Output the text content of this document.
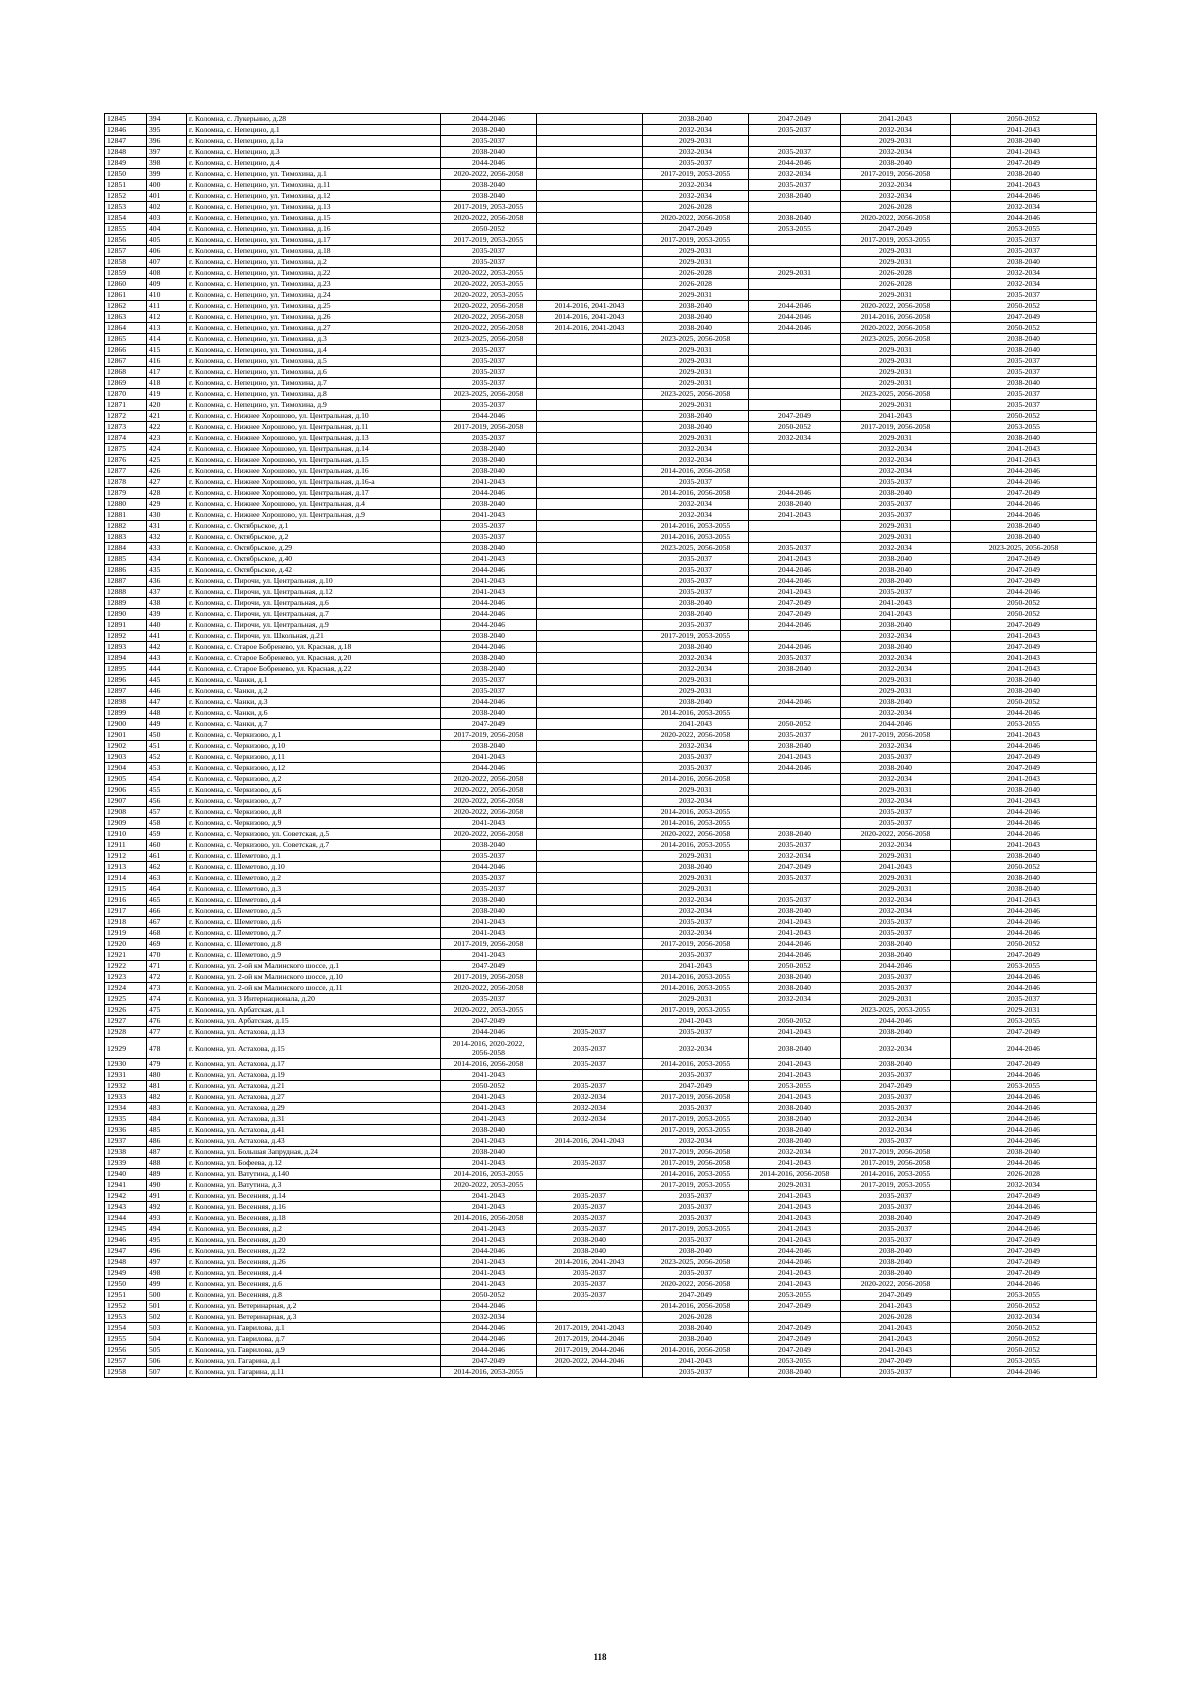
12845	394	г. Коломна, с. Лукерьино, д.28	2044-2046		2038-2040	2047-2049	2041-2043	2050-2052
12846	395	г. Коломна, с. Непецино, д.1	2038-2040		2032-2034	2035-2037	2032-2034	2041-2043
12847	396	г. Коломна, с. Непецино, д.1а	2035-2037		2029-2031		2029-2031	2038-2040
12848	397	г. Коломна, с. Непецино, д.3	2038-2040		2032-2034	2035-2037	2032-2034	2041-2043
12849	398	г. Коломна, с. Непецино, д.4	2044-2046		2035-2037	2044-2046	2038-2040	2047-2049
12850	399	г. Коломна, с. Непецино, ул. Тимохина, д.1	2020-2022, 2056-2058		2017-2019, 2053-2055	2032-2034	2017-2019, 2056-2058	2038-2040
12851	400	г. Коломна, с. Непецино, ул. Тимохина, д.11	2038-2040		2032-2034	2035-2037	2032-2034	2041-2043
12852	401	г. Коломна, с. Непецино, ул. Тимохина, д.12	2038-2040		2032-2034	2038-2040	2032-2034	2044-2046
12853	402	г. Коломна, с. Непецино, ул. Тимохина, д.13	2017-2019, 2053-2055		2026-2028		2026-2028	2032-2034
12854	403	г. Коломна, с. Непецино, ул. Тимохина, д.15	2020-2022, 2056-2058		2020-2022, 2056-2058	2038-2040	2020-2022, 2056-2058	2044-2046
12855	404	г. Коломна, с. Непецино, ул. Тимохина, д.16	2050-2052		2047-2049	2053-2055	2047-2049	2053-2055
12856	405	г. Коломна, с. Непецино, ул. Тимохина, д.17	2017-2019, 2053-2055		2017-2019, 2053-2055		2017-2019, 2053-2055	2035-2037
12857	406	г. Коломна, с. Непецино, ул. Тимохина, д.18	2035-2037		2029-2031		2029-2031	2035-2037
12858	407	г. Коломна, с. Непецино, ул. Тимохина, д.2	2035-2037		2029-2031		2029-2031	2038-2040
12859	408	г. Коломна, с. Непецино, ул. Тимохина, д.22	2020-2022, 2053-2055		2026-2028	2029-2031	2026-2028	2032-2034
12860	409	г. Коломна, с. Непецино, ул. Тимохина, д.23	2020-2022, 2053-2055		2026-2028		2026-2028	2032-2034
12861	410	г. Коломна, с. Непецино, ул. Тимохина, д.24	2020-2022, 2053-2055		2029-2031		2029-2031	2035-2037
12862	411	г. Коломна, с. Непецино, ул. Тимохина, д.25	2020-2022, 2056-2058	2014-2016, 2041-2043	2038-2040	2044-2046	2020-2022, 2056-2058	2050-2052
12863	412	г. Коломна, с. Непецино, ул. Тимохина, д.26	2020-2022, 2056-2058	2014-2016, 2041-2043	2038-2040	2044-2046	2014-2016, 2056-2058	2047-2049
12864	413	г. Коломна, с. Непецино, ул. Тимохина, д.27	2020-2022, 2056-2058	2014-2016, 2041-2043	2038-2040	2044-2046	2020-2022, 2056-2058	2050-2052
12865	414	г. Коломна, с. Непецино, ул. Тимохина, д.3	2023-2025, 2056-2058		2023-2025, 2056-2058		2023-2025, 2056-2058	2038-2040
12866	415	г. Коломна, с. Непецино, ул. Тимохина, д.4	2035-2037		2029-2031		2029-2031	2038-2040
12867	416	г. Коломна, с. Непецино, ул. Тимохина, д.5	2035-2037		2029-2031		2029-2031	2035-2037
12868	417	г. Коломна, с. Непецино, ул. Тимохина, д.6	2035-2037		2029-2031		2029-2031	2035-2037
12869	418	г. Коломна, с. Непецино, ул. Тимохина, д.7	2035-2037		2029-2031		2029-2031	2038-2040
12870	419	г. Коломна, с. Непецино, ул. Тимохина, д.8	2023-2025, 2056-2058		2023-2025, 2056-2058		2023-2025, 2056-2058	2035-2037
12871	420	г. Коломна, с. Непецино, ул. Тимохина, д.9	2035-2037		2029-2031		2029-2031	2035-2037
12872	421	г. Коломна, с. Нижнее Хорошово, ул. Центральная, д.10	2044-2046		2038-2040	2047-2049	2041-2043	2050-2052
12873	422	г. Коломна, с. Нижнее Хорошово, ул. Центральная, д.11	2017-2019, 2056-2058		2038-2040	2050-2052	2017-2019, 2056-2058	2053-2055
12874	423	г. Коломна, с. Нижнее Хорошово, ул. Центральная, д.13	2035-2037		2029-2031	2032-2034	2029-2031	2038-2040
12875	424	г. Коломна, с. Нижнее Хорошово, ул. Центральная, д.14	2038-2040		2032-2034		2032-2034	2041-2043
12876	425	г. Коломна, с. Нижнее Хорошово, ул. Центральная, д.15	2038-2040		2032-2034		2032-2034	2041-2043
12877	426	г. Коломна, с. Нижнее Хорошово, ул. Центральная, д.16	2038-2040		2014-2016, 2056-2058		2032-2034	2044-2046
12878	427	г. Коломна, с. Нижнее Хорошово, ул. Центральная, д.16-а	2041-2043		2035-2037		2035-2037	2044-2046
12879	428	г. Коломна, с. Нижнее Хорошово, ул. Центральная, д.17	2044-2046		2014-2016, 2056-2058	2044-2046	2038-2040	2047-2049
12880	429	г. Коломна, с. Нижнее Хорошово, ул. Центральная, д.4	2038-2040		2032-2034	2038-2040	2035-2037	2044-2046
12881	430	г. Коломна, с. Нижнее Хорошово, ул. Центральная, д.9	2041-2043		2032-2034	2041-2043	2035-2037	2044-2046
12882	431	г. Коломна, с. Октябрьское, д.1	2035-2037		2014-2016, 2053-2055		2029-2031	2038-2040
12883	432	г. Коломна, с. Октябрьское, д.2	2035-2037		2014-2016, 2053-2055		2029-2031	2038-2040
12884	433	г. Коломна, с. Октябрьское, д.29	2038-2040		2023-2025, 2056-2058	2035-2037	2032-2034	2023-2025, 2056-2058
12885	434	г. Коломна, с. Октябрьское, д.40	2041-2043		2035-2037	2041-2043	2038-2040	2047-2049
12886	435	г. Коломна, с. Октябрьское, д.42	2044-2046		2035-2037	2044-2046	2038-2040	2047-2049
12887	436	г. Коломна, с. Пирочи, ул. Центральная, д.10	2041-2043		2035-2037	2044-2046	2038-2040	2047-2049
12888	437	г. Коломна, с. Пирочи, ул. Центральная, д.12	2041-2043		2035-2037	2041-2043	2035-2037	2044-2046
12889	438	г. Коломна, с. Пирочи, ул. Центральная, д.6	2044-2046		2038-2040	2047-2049	2041-2043	2050-2052
12890	439	г. Коломна, с. Пирочи, ул. Центральная, д.7	2044-2046		2038-2040	2047-2049	2041-2043	2050-2052
12891	440	г. Коломна, с. Пирочи, ул. Центральная, д.9	2044-2046		2035-2037	2044-2046	2038-2040	2047-2049
12892	441	г. Коломна, с. Пирочи, ул. Школьная, д.21	2038-2040		2017-2019, 2053-2055		2032-2034	2041-2043
12893	442	г. Коломна, с. Старое Бобренево, ул. Красная, д.18	2044-2046		2038-2040	2044-2046	2038-2040	2047-2049
12894	443	г. Коломна, с. Старое Бобренево, ул. Красная, д.20	2038-2040		2032-2034	2035-2037	2032-2034	2041-2043
12895	444	г. Коломна, с. Старое Бобренево, ул. Красная, д.22	2038-2040		2032-2034	2038-2040	2032-2034	2041-2043
12896	445	г. Коломна, с. Чанки, д.1	2035-2037		2029-2031		2029-2031	2038-2040
12897	446	г. Коломна, с. Чанки, д.2	2035-2037		2029-2031		2029-2031	2038-2040
12898	447	г. Коломна, с. Чанки, д.3	2044-2046		2038-2040	2044-2046	2038-2040	2050-2052
12899	448	г. Коломна, с. Чанки, д.6	2038-2040		2014-2016, 2053-2055		2032-2034	2044-2046
12900	449	г. Коломна, с. Чанки, д.7	2047-2049		2041-2043	2050-2052	2044-2046	2053-2055
12901	450	г. Коломна, с. Черкизово, д.1	2017-2019, 2056-2058		2020-2022, 2056-2058	2035-2037	2017-2019, 2056-2058	2041-2043
12902	451	г. Коломна, с. Черкизово, д.10	2038-2040		2032-2034	2038-2040	2032-2034	2044-2046
12903	452	г. Коломна, с. Черкизово, д.11	2041-2043		2035-2037	2041-2043	2035-2037	2047-2049
12904	453	г. Коломна, с. Черкизово, д.12	2044-2046		2035-2037	2044-2046	2038-2040	2047-2049
12905	454	г. Коломна, с. Черкизово, д.2	2020-2022, 2056-2058		2014-2016, 2056-2058		2032-2034	2041-2043
12906	455	г. Коломна, с. Черкизово, д.6	2020-2022, 2056-2058		2029-2031		2029-2031	2038-2040
12907	456	г. Коломна, с. Черкизово, д.7	2020-2022, 2056-2058		2032-2034		2032-2034	2041-2043
12908	457	г. Коломна, с. Черкизово, д.8	2020-2022, 2056-2058		2014-2016, 2053-2055		2035-2037	2044-2046
12909	458	г. Коломна, с. Черкизово, д.9	2041-2043		2014-2016, 2053-2055		2035-2037	2044-2046
12910	459	г. Коломна, с. Черкизово, ул. Советская, д.5	2020-2022, 2056-2058		2020-2022, 2056-2058	2038-2040	2020-2022, 2056-2058	2044-2046
12911	460	г. Коломна, с. Черкизово, ул. Советская, д.7	2038-2040		2014-2016, 2053-2055	2035-2037	2032-2034	2041-2043
12912	461	г. Коломна, с. Шеметово, д.1	2035-2037		2029-2031	2032-2034	2029-2031	2038-2040
12913	462	г. Коломна, с. Шеметово, д.10	2044-2046		2038-2040	2047-2049	2041-2043	2050-2052
12914	463	г. Коломна, с. Шеметово, д.2	2035-2037		2029-2031	2035-2037	2029-2031	2038-2040
12915	464	г. Коломна, с. Шеметово, д.3	2035-2037		2029-2031		2029-2031	2038-2040
12916	465	г. Коломна, с. Шеметово, д.4	2038-2040		2032-2034	2035-2037	2032-2034	2041-2043
12917	466	г. Коломна, с. Шеметово, д.5	2038-2040		2032-2034	2038-2040	2032-2034	2044-2046
12918	467	г. Коломна, с. Шеметово, д.6	2041-2043		2035-2037	2041-2043	2035-2037	2044-2046
12919	468	г. Коломна, с. Шеметово, д.7	2041-2043		2032-2034	2041-2043	2035-2037	2044-2046
12920	469	г. Коломна, с. Шеметово, д.8	2017-2019, 2056-2058		2017-2019, 2056-2058	2044-2046	2038-2040	2050-2052
12921	470	г. Коломна, с. Шеметово, д.9	2041-2043		2035-2037	2044-2046	2038-2040	2047-2049
12922	471	г. Коломна, ул. 2-ой км Малинского шоссе, д.1	2047-2049		2041-2043	2050-2052	2044-2046	2053-2055
12923	472	г. Коломна, ул. 2-ой км Малинского шоссе, д.10	2017-2019, 2056-2058		2014-2016, 2053-2055	2038-2040	2035-2037	2044-2046
12924	473	г. Коломна, ул. 2-ой км Малинского шоссе, д.11	2020-2022, 2056-2058		2014-2016, 2053-2055	2038-2040	2035-2037	2044-2046
12925	474	г. Коломна, ул. 3 Интернационала, д.20	2035-2037		2029-2031	2032-2034	2029-2031	2035-2037
12926	475	г. Коломна, ул. Арбатская, д.1	2020-2022, 2053-2055		2017-2019, 2053-2055		2023-2025, 2053-2055	2029-2031
12927	476	г. Коломна, ул. Арбатская, д.15	2047-2049		2041-2043	2050-2052	2044-2046	2053-2055
12928	477	г. Коломна, ул. Астахова, д.13	2044-2046	2035-2037	2035-2037	2041-2043	2038-2040	2047-2049
12929	478	г. Коломна, ул. Астахова, д.15	2014-2016, 2020-2022, 2056-2058	2035-2037	2032-2034	2038-2040	2032-2034	2044-2046
12930	479	г. Коломна, ул. Астахова, д.17	2014-2016, 2056-2058	2035-2037	2014-2016, 2053-2055	2041-2043	2038-2040	2047-2049
12931	480	г. Коломна, ул. Астахова, д.19	2041-2043		2035-2037	2041-2043	2035-2037	2044-2046
12932	481	г. Коломна, ул. Астахова, д.21	2050-2052	2035-2037	2047-2049	2053-2055	2047-2049	2053-2055
12933	482	г. Коломна, ул. Астахова, д.27	2041-2043	2032-2034	2017-2019, 2056-2058	2041-2043	2035-2037	2044-2046
12934	483	г. Коломна, ул. Астахова, д.29	2041-2043	2032-2034	2035-2037	2038-2040	2035-2037	2044-2046
12935	484	г. Коломна, ул. Астахова, д.31	2041-2043	2032-2034	2017-2019, 2053-2055	2038-2040	2032-2034	2044-2046
12936	485	г. Коломна, ул. Астахова, д.41	2038-2040		2017-2019, 2053-2055	2038-2040	2032-2034	2044-2046
12937	486	г. Коломна, ул. Астахова, д.43	2041-2043	2014-2016, 2041-2043	2032-2034	2038-2040	2035-2037	2044-2046
12938	487	г. Коломна, ул. Большая Запрудная, д.24	2038-2040		2017-2019, 2056-2058	2032-2034	2017-2019, 2056-2058	2038-2040
12939	488	г. Коломна, ул. Бофеева, д.12	2041-2043	2035-2037	2017-2019, 2056-2058	2041-2043	2017-2019, 2056-2058	2044-2046
12940	489	г. Коломна, ул. Ватутина, д.140	2014-2016, 2053-2055		2014-2016, 2053-2055	2014-2016, 2056-2058	2014-2016, 2053-2055	2026-2028
12941	490	г. Коломна, ул. Ватутина, д.3	2020-2022, 2053-2055		2017-2019, 2053-2055	2029-2031	2017-2019, 2053-2055	2032-2034
12942	491	г. Коломна, ул. Весенняя, д.14	2041-2043	2035-2037	2035-2037	2041-2043	2035-2037	2047-2049
12943	492	г. Коломна, ул. Весенняя, д.16	2041-2043	2035-2037	2035-2037	2041-2043	2035-2037	2044-2046
12944	493	г. Коломна, ул. Весенняя, д.18	2014-2016, 2056-2058	2035-2037	2035-2037	2041-2043	2038-2040	2047-2049
12945	494	г. Коломна, ул. Весенняя, д.2	2041-2043	2035-2037	2017-2019, 2053-2055	2041-2043	2035-2037	2044-2046
12946	495	г. Коломна, ул. Весенняя, д.20	2041-2043	2038-2040	2035-2037	2041-2043	2035-2037	2047-2049
12947	496	г. Коломна, ул. Весенняя, д.22	2044-2046	2038-2040	2038-2040	2044-2046	2038-2040	2047-2049
12948	497	г. Коломна, ул. Весенняя, д.26	2041-2043	2014-2016, 2041-2043	2023-2025, 2056-2058	2044-2046	2038-2040	2047-2049
12949	498	г. Коломна, ул. Весенняя, д.4	2041-2043	2035-2037	2035-2037	2041-2043	2038-2040	2047-2049
12950	499	г. Коломна, ул. Весенняя, д.6	2041-2043	2035-2037	2020-2022, 2056-2058	2041-2043	2020-2022, 2056-2058	2044-2046
12951	500	г. Коломна, ул. Весенняя, д.8	2050-2052	2035-2037	2047-2049	2053-2055	2047-2049	2053-2055
12952	501	г. Коломна, ул. Ветеринарная, д.2	2044-2046		2014-2016, 2056-2058	2047-2049	2041-2043	2050-2052
12953	502	г. Коломна, ул. Ветеринарная, д.3	2032-2034		2026-2028		2026-2028	2032-2034
12954	503	г. Коломна, ул. Гаврилова, д.1	2044-2046	2017-2019, 2041-2043	2038-2040	2047-2049	2041-2043	2050-2052
12955	504	г. Коломна, ул. Гаврилова, д.7	2044-2046	2017-2019, 2044-2046	2038-2040	2047-2049	2041-2043	2050-2052
12956	505	г. Коломна, ул. Гаврилова, д.9	2044-2046	2017-2019, 2044-2046	2014-2016, 2056-2058	2047-2049	2041-2043	2050-2052
12957	506	г. Коломна, ул. Гагарина, д.1	2047-2049	2020-2022, 2044-2046	2041-2043	2053-2055	2047-2049	2053-2055
12958	507	г. Коломна, ул. Гагарина, д.11	2014-2016, 2053-2055		2035-2037	2038-2040	2035-2037	2044-2046
118
